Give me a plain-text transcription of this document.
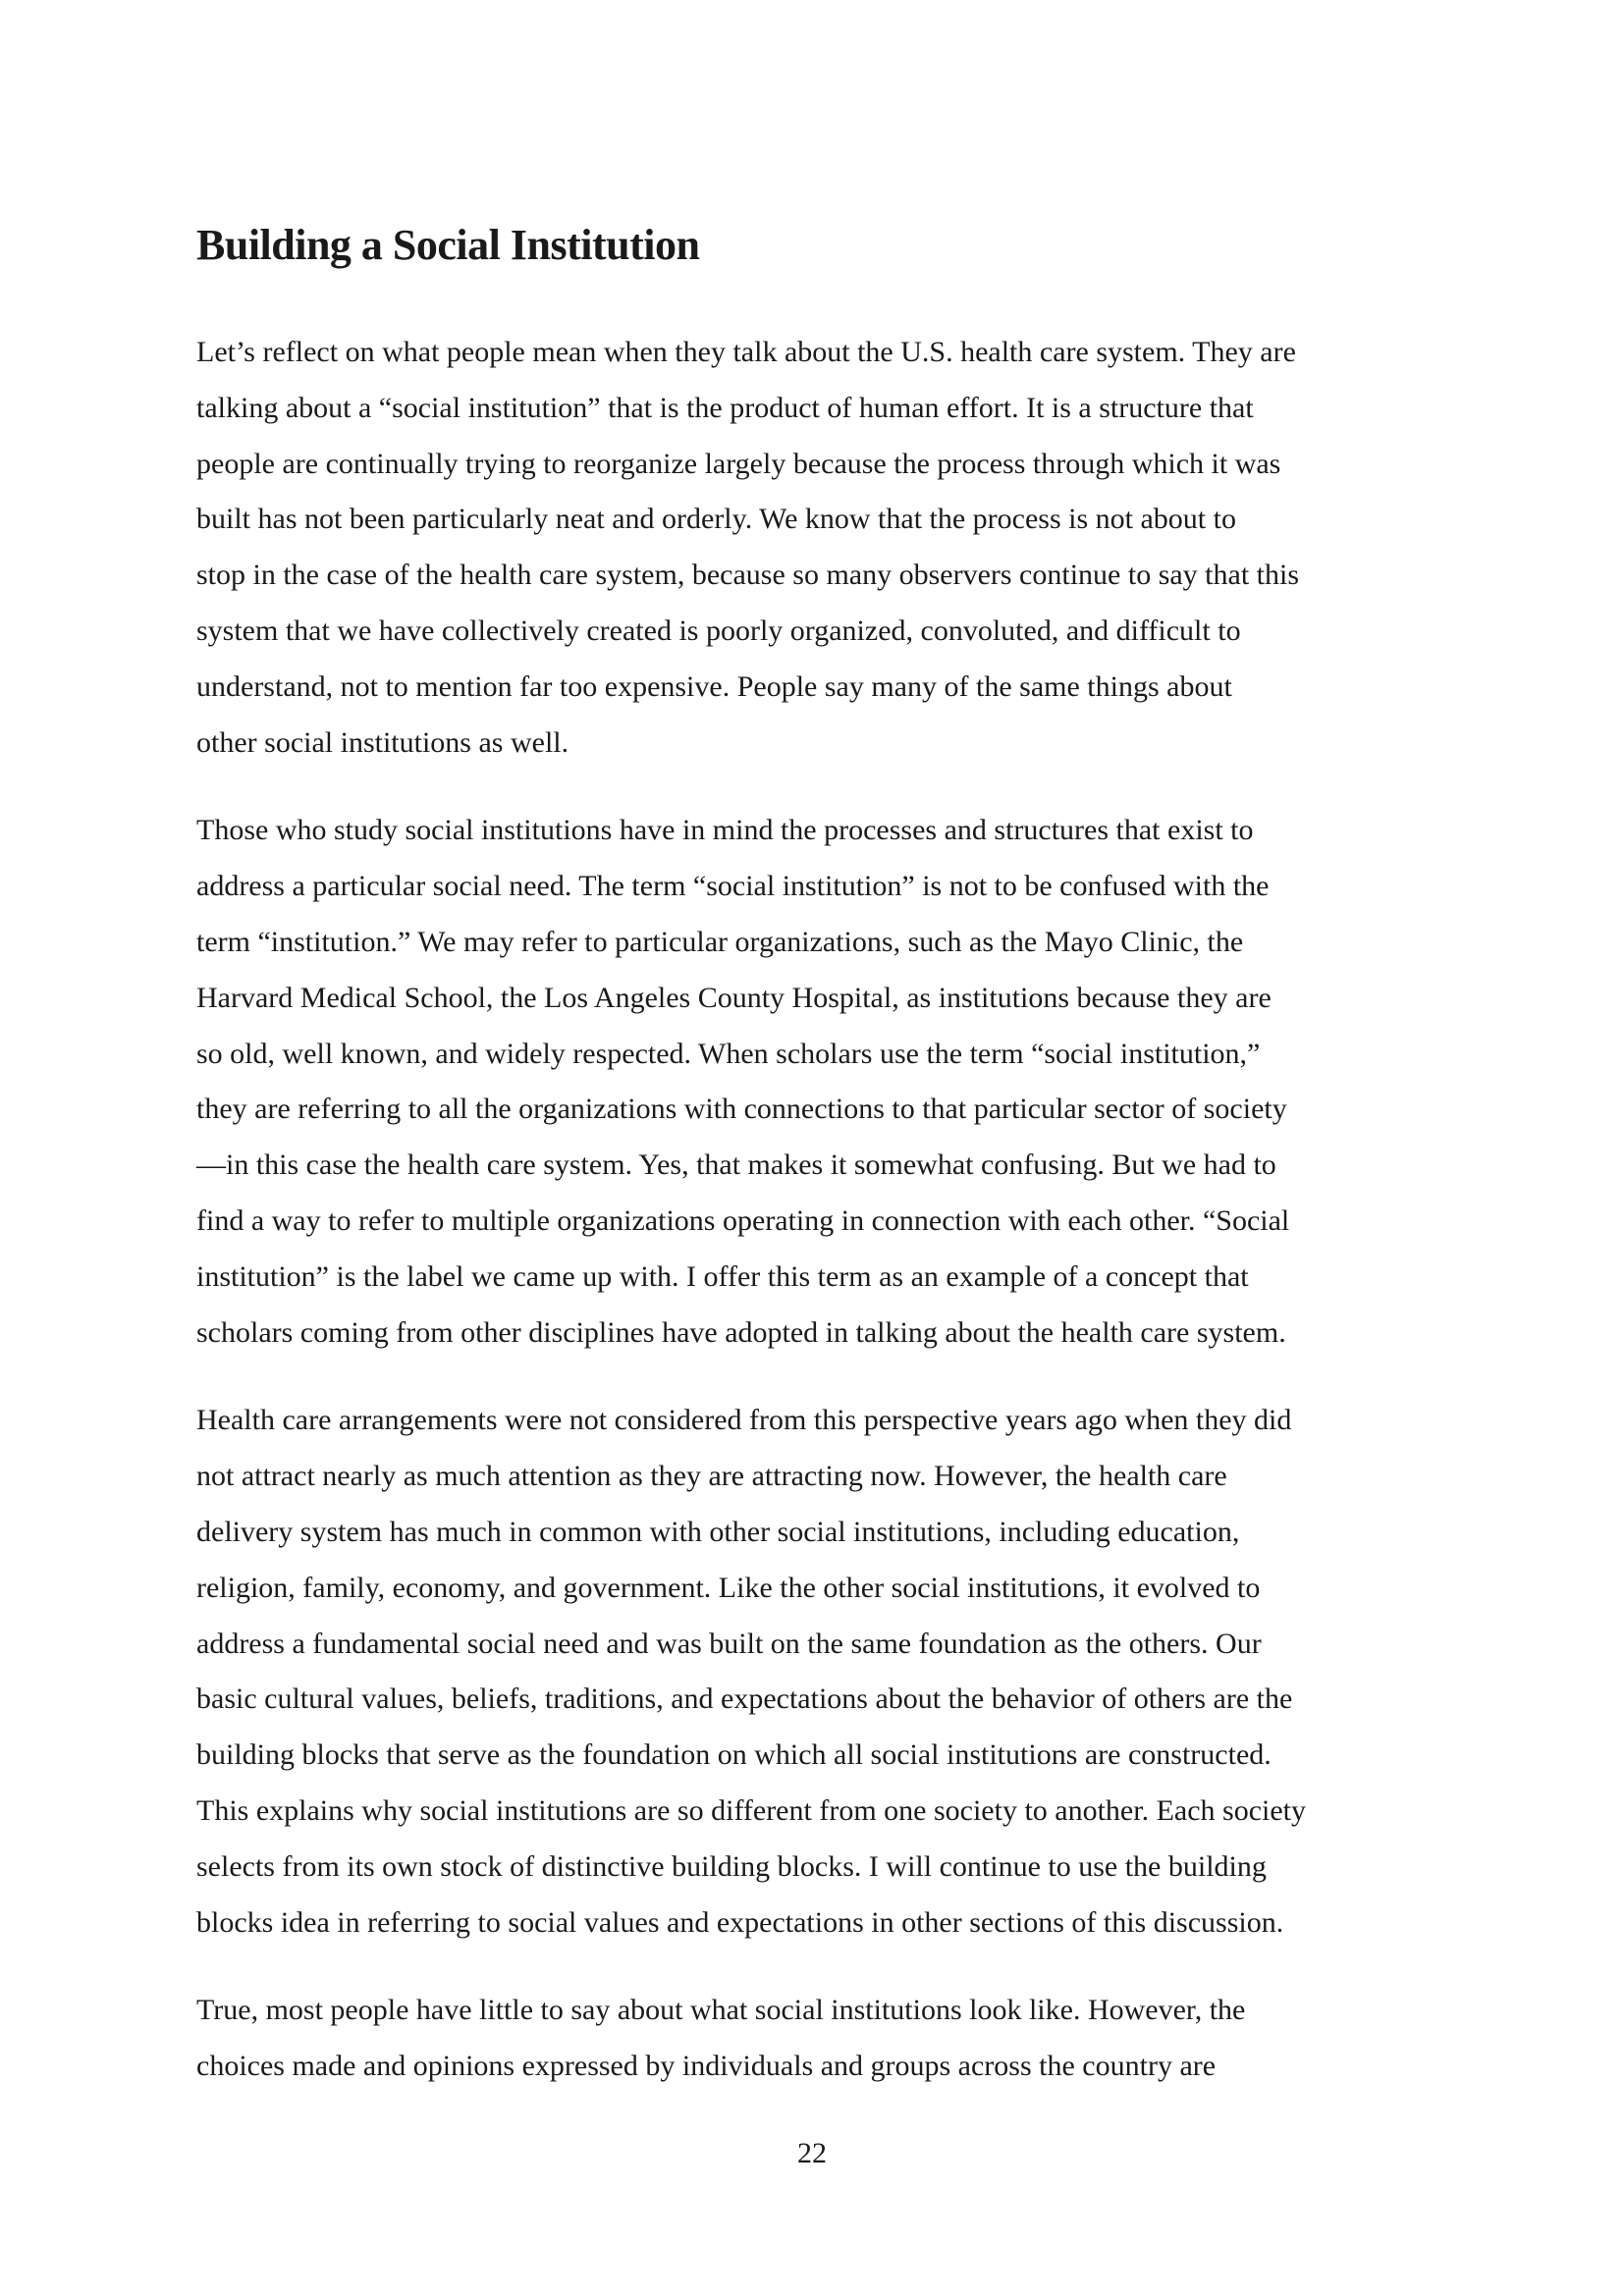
Building a Social Institution

Let’s reflect on what people mean when they talk about the U.S. health care system. They are
talking about a “social institution” that is the product of human effort. It is a structure that
people are continually trying to reorganize largely because the process through which it was
built has not been particularly neat and orderly. We know that the process is not about to
stop in the case of the health care system, because so many observers continue to say that this
system that we have collectively created is poorly organized, convoluted, and difficult to
understand, not to mention far too expensive. People say many of the same things about
other social institutions as well.

Those who study social institutions have in mind the processes and structures that exist to
address a particular social need. The term “social institution” is not to be confused with the
term “institution.” We may refer to particular organizations, such as the Mayo Clinic, the
Harvard Medical School, the Los Angeles County Hospital, as institutions because they are
so old, well known, and widely respected. When scholars use the term “social institution,”
they are referring to all the organizations with connections to that particular sector of society
—in this case the health care system. Yes, that makes it somewhat confusing. But we had to
find a way to refer to multiple organizations operating in connection with each other. “Social
institution” is the label we came up with. I offer this term as an example of a concept that
scholars coming from other disciplines have adopted in talking about the health care system.

Health care arrangements were not considered from this perspective years ago when they did
not attract nearly as much attention as they are attracting now. However, the health care
delivery system has much in common with other social institutions, including education,
religion, family, economy, and government. Like the other social institutions, it evolved to
address a fundamental social need and was built on the same foundation as the others. Our
basic cultural values, beliefs, traditions, and expectations about the behavior of others are the
building blocks that serve as the foundation on which all social institutions are constructed.
This explains why social institutions are so different from one society to another. Each society
selects from its own stock of distinctive building blocks. I will continue to use the building
blocks idea in referring to social values and expectations in other sections of this discussion.

True, most people have little to say about what social institutions look like. However, the
choices made and opinions expressed by individuals and groups across the country are

22
